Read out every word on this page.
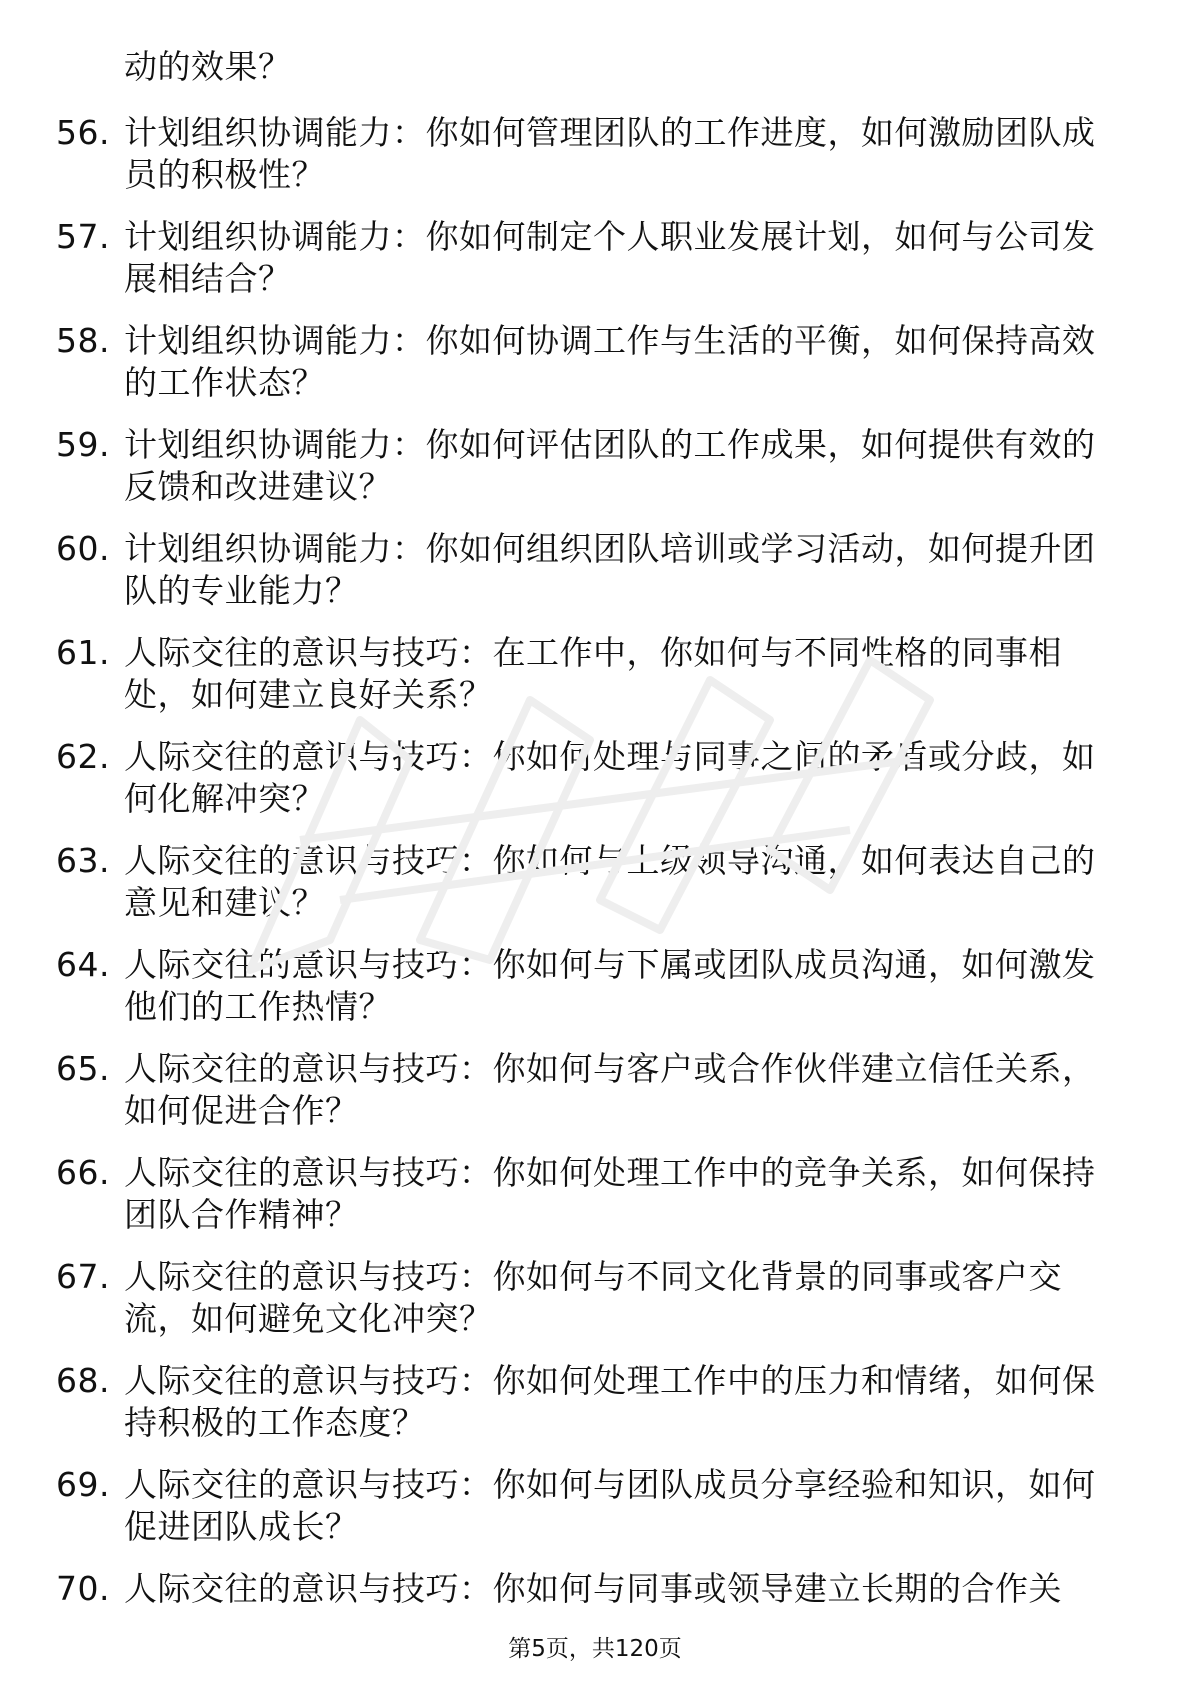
动的效果？
56. 计划组织协调能力：你如何管理团队的工作进度，如何激励团队成员的积极性？
57. 计划组织协调能力：你如何制定个人职业发展计划，如何与公司发展相结合？
58. 计划组织协调能力：你如何协调工作与生活的平衡，如何保持高效的工作状态？
59. 计划组织协调能力：你如何评估团队的工作成果，如何提供有效的反馈和改进建议？
60. 计划组织协调能力：你如何组织团队培训或学习活动，如何提升团队的专业能力？
61. 人际交往的意识与技巧：在工作中，你如何与不同性格的同事相处，如何建立良好关系？
62. 人际交往的意识与技巧：你如何处理与同事之间的矛盾或分歧，如何化解冲突？
63. 人际交往的意识与技巧：你如何与上级领导沟通，如何表达自己的意见和建议？
64. 人际交往的意识与技巧：你如何与下属或团队成员沟通，如何激发他们的工作热情？
65. 人际交往的意识与技巧：你如何与客户或合作伙伴建立信任关系，如何促进合作？
66. 人际交往的意识与技巧：你如何处理工作中的竞争关系，如何保持团队合作精神？
67. 人际交往的意识与技巧：你如何与不同文化背景的同事或客户交流，如何避免文化冲突？
68. 人际交往的意识与技巧：你如何处理工作中的压力和情绪，如何保持积极的工作态度？
69. 人际交往的意识与技巧：你如何与团队成员分享经验和知识，如何促进团队成长？
70. 人际交往的意识与技巧：你如何与同事或领导建立长期的合作关
第5页，共120页
